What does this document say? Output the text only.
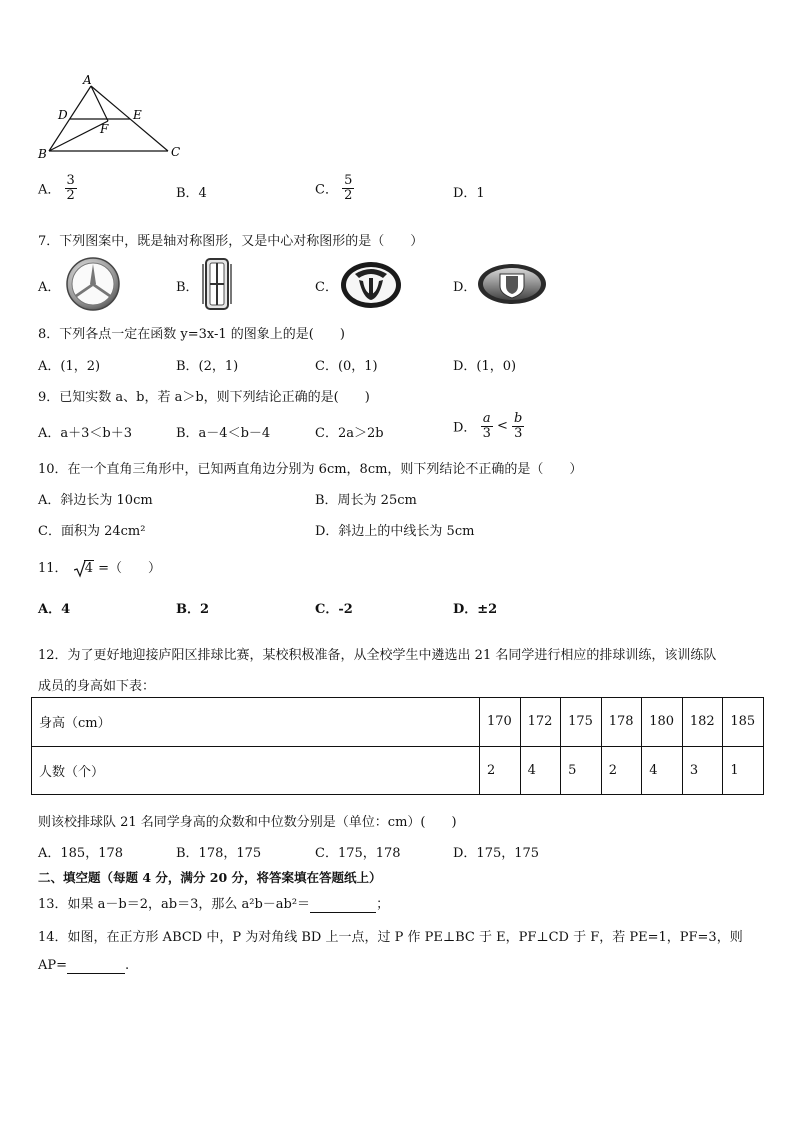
A
B	C
D	E
F
A． $\frac{3}{2}$	B．4	C． $\frac{5}{2}$	D．1
7．下列图案中，既是轴对称图形，又是中心对称图形的是（　　）
A．	B．	C．	D．
8．下列各点一定在函数 y=3x-1 的图象上的是(　　)
A．(1，2)	B．(2，1)	C．(0，1)	D．(1，0)
9．已知实数 a、b，若 a＞b，则下列结论正确的是(　　)
A．a＋3＜b＋3	B．a－4＜b－4	C．2a＞2b	D． $\frac{a}{3} < \frac{b}{3}$
10．在一个直角三角形中，已知两直角边分别为 6cm，8cm，则下列结论不正确的是（　　）
A．斜边长为 10cm	B．周长为 25cm
C．面积为 24cm²	D．斜边上的中线长为 5cm
11． 4 =（　　）
A．4	B．2	C．-2	D．±2
12．为了更好地迎接庐阳区排球比赛，某校积极准备，从全校学生中遴选出 21 名同学进行相应的排球训练，该训练队
成员的身高如下表：
身高（cm）	170	172	175	178	180	182	185
人数（个）	2	4	5	2	4	3	1
则该校排球队 21 名同学身高的众数和中位数分别是（单位：cm）(　　)
A．185，178	B．178，175	C．175，178	D．175，175
二、填空题（每题 4 分，满分 20 分，将答案填在答题纸上）
13．如果 a－b＝2，ab＝3，那么 a²b－ab²＝	；
14．如图，在正方形 ABCD 中，P 为对角线 BD 上一点，过 P 作 PE⊥BC 于 E，PF⊥CD 于 F，若 PE=1，PF=3，则
AP=	.
